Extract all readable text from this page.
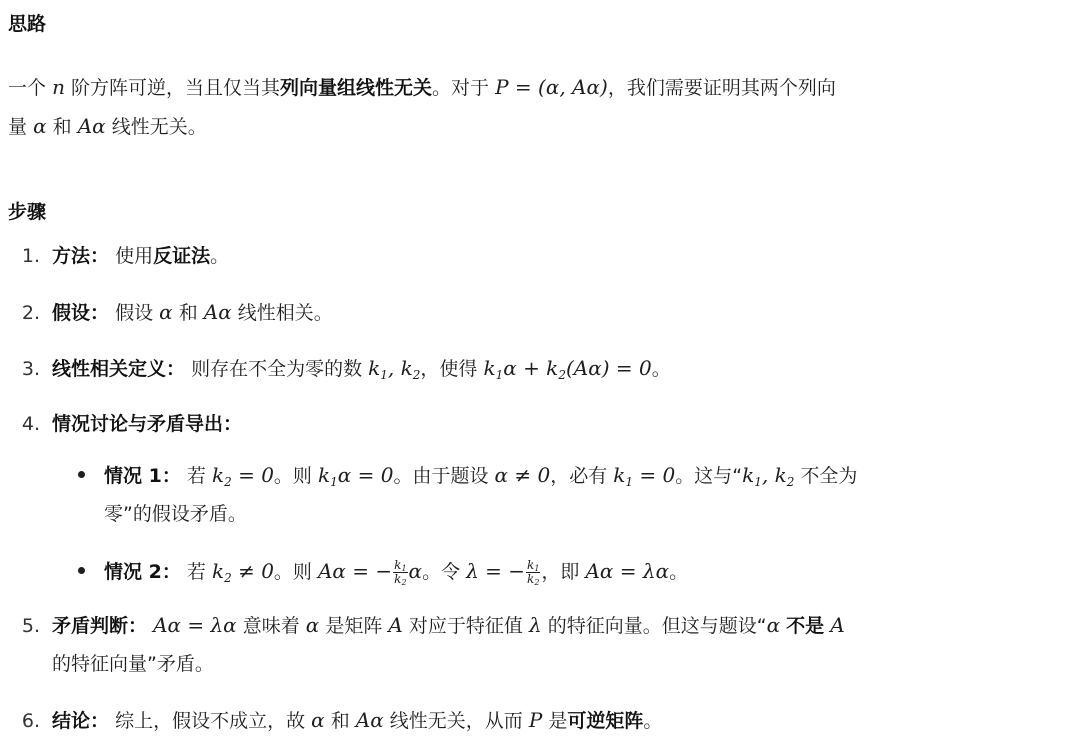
思路
一个 n 阶方阵可逆，当且仅当其列向量组线性无关。对于 P = (α, Aα)，我们需要证明其两个列向
量 α 和 Aα 线性无关。
步骤
1. 方法： 使用反证法。
2. 假设： 假设 α 和 Aα 线性相关。
3. 线性相关定义： 则存在不全为零的数 $k_1$, $k_2$，使得 $k_1\alpha + k_2(A\alpha) = 0$。
4. 情况讨论与矛盾导出：
情况 1： 若 $k_2 = 0$。则 $k_1\alpha = 0$。由于题设 α ≠ 0，必有 $k_1 = 0$。这与“$k_1$, $k_2$ 不全为
零”的假设矛盾。
情况 2： 若 $k_2 \ne 0$。则 Aα = − $\frac{k_1}{k_2}$ α。令 λ = − $\frac{k_1}{k_2}$ ，即 Aα = λα。
5. 矛盾判断： Aα = λα 意味着 α 是矩阵 A 对应于特征值 λ 的特征向量。但这与题设“α 不是 A
的特征向量”矛盾。
6. 结论： 综上，假设不成立，故 α 和 Aα 线性无关，从而 P 是可逆矩阵。
